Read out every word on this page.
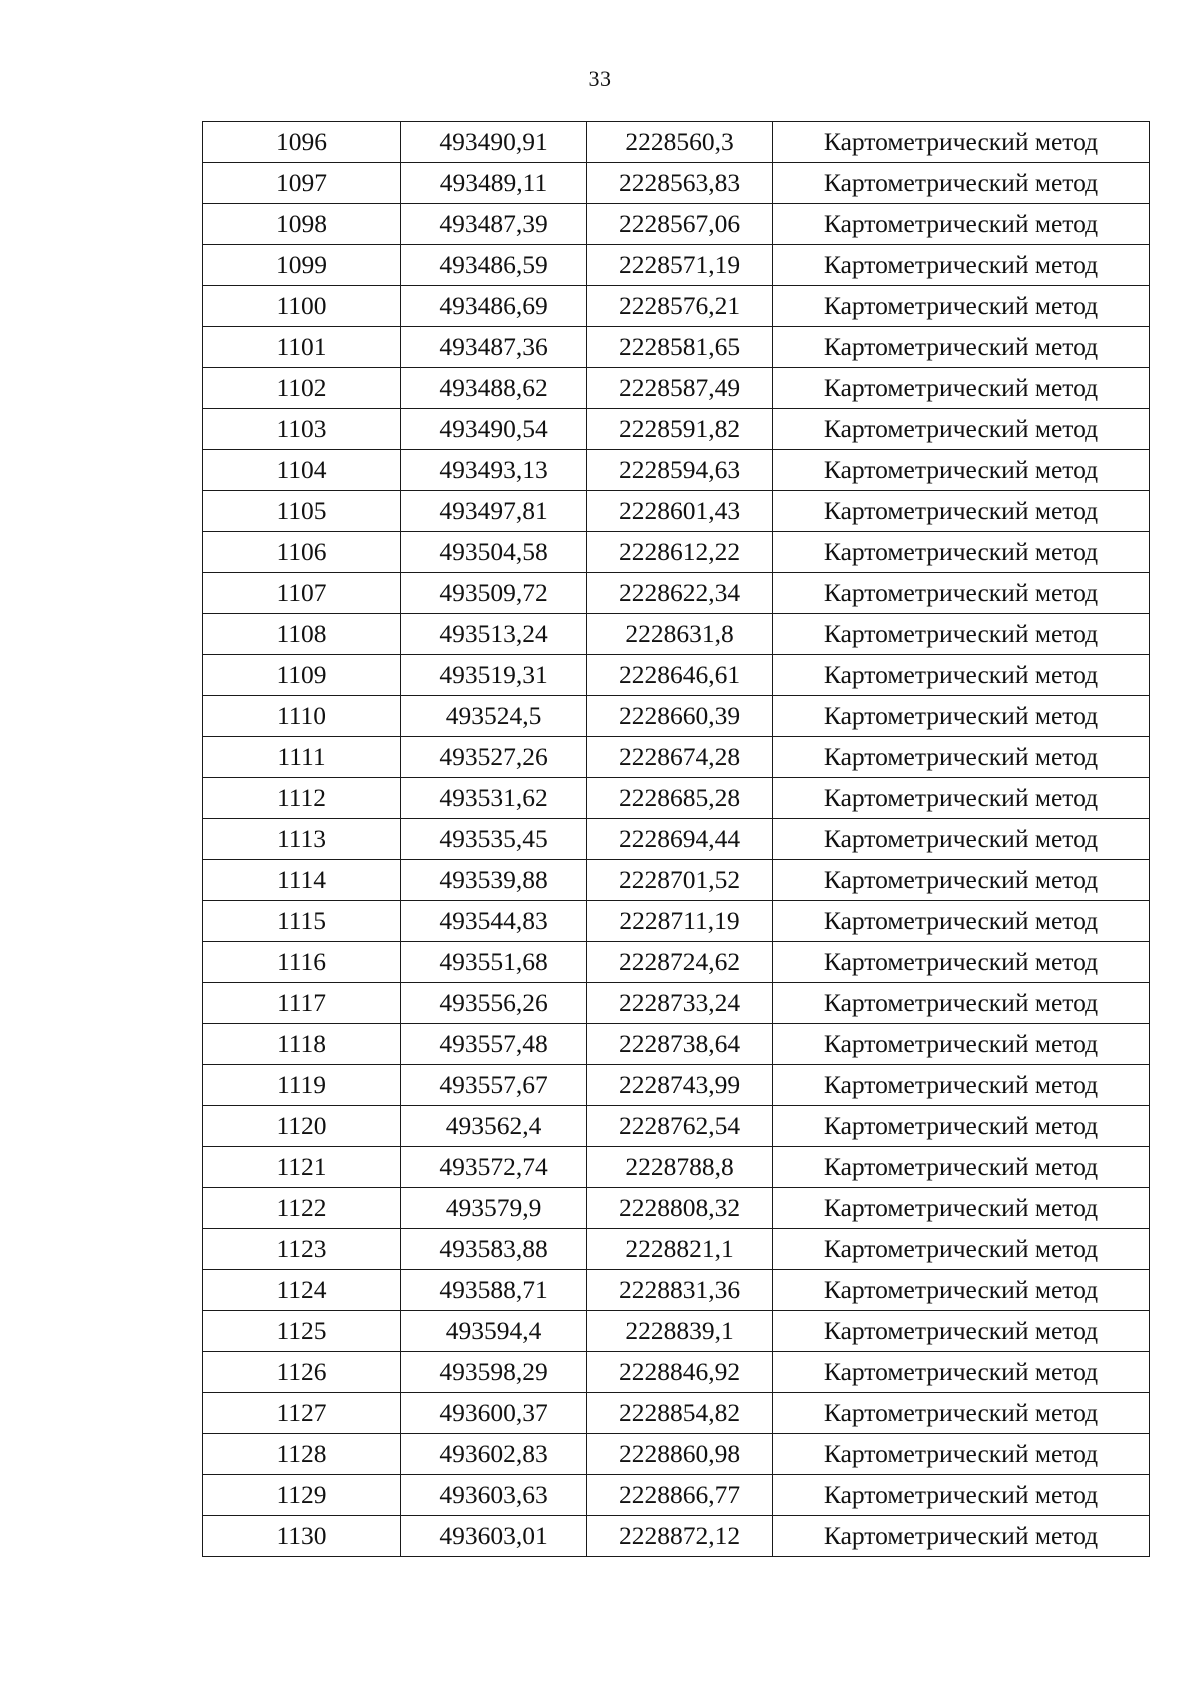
33
1096	493490,91	2228560,3	Картометрический метод
1097	493489,11	2228563,83	Картометрический метод
1098	493487,39	2228567,06	Картометрический метод
1099	493486,59	2228571,19	Картометрический метод
1100	493486,69	2228576,21	Картометрический метод
1101	493487,36	2228581,65	Картометрический метод
1102	493488,62	2228587,49	Картометрический метод
1103	493490,54	2228591,82	Картометрический метод
1104	493493,13	2228594,63	Картометрический метод
1105	493497,81	2228601,43	Картометрический метод
1106	493504,58	2228612,22	Картометрический метод
1107	493509,72	2228622,34	Картометрический метод
1108	493513,24	2228631,8	Картометрический метод
1109	493519,31	2228646,61	Картометрический метод
1110	493524,5	2228660,39	Картометрический метод
1111	493527,26	2228674,28	Картометрический метод
1112	493531,62	2228685,28	Картометрический метод
1113	493535,45	2228694,44	Картометрический метод
1114	493539,88	2228701,52	Картометрический метод
1115	493544,83	2228711,19	Картометрический метод
1116	493551,68	2228724,62	Картометрический метод
1117	493556,26	2228733,24	Картометрический метод
1118	493557,48	2228738,64	Картометрический метод
1119	493557,67	2228743,99	Картометрический метод
1120	493562,4	2228762,54	Картометрический метод
1121	493572,74	2228788,8	Картометрический метод
1122	493579,9	2228808,32	Картометрический метод
1123	493583,88	2228821,1	Картометрический метод
1124	493588,71	2228831,36	Картометрический метод
1125	493594,4	2228839,1	Картометрический метод
1126	493598,29	2228846,92	Картометрический метод
1127	493600,37	2228854,82	Картометрический метод
1128	493602,83	2228860,98	Картометрический метод
1129	493603,63	2228866,77	Картометрический метод
1130	493603,01	2228872,12	Картометрический метод
